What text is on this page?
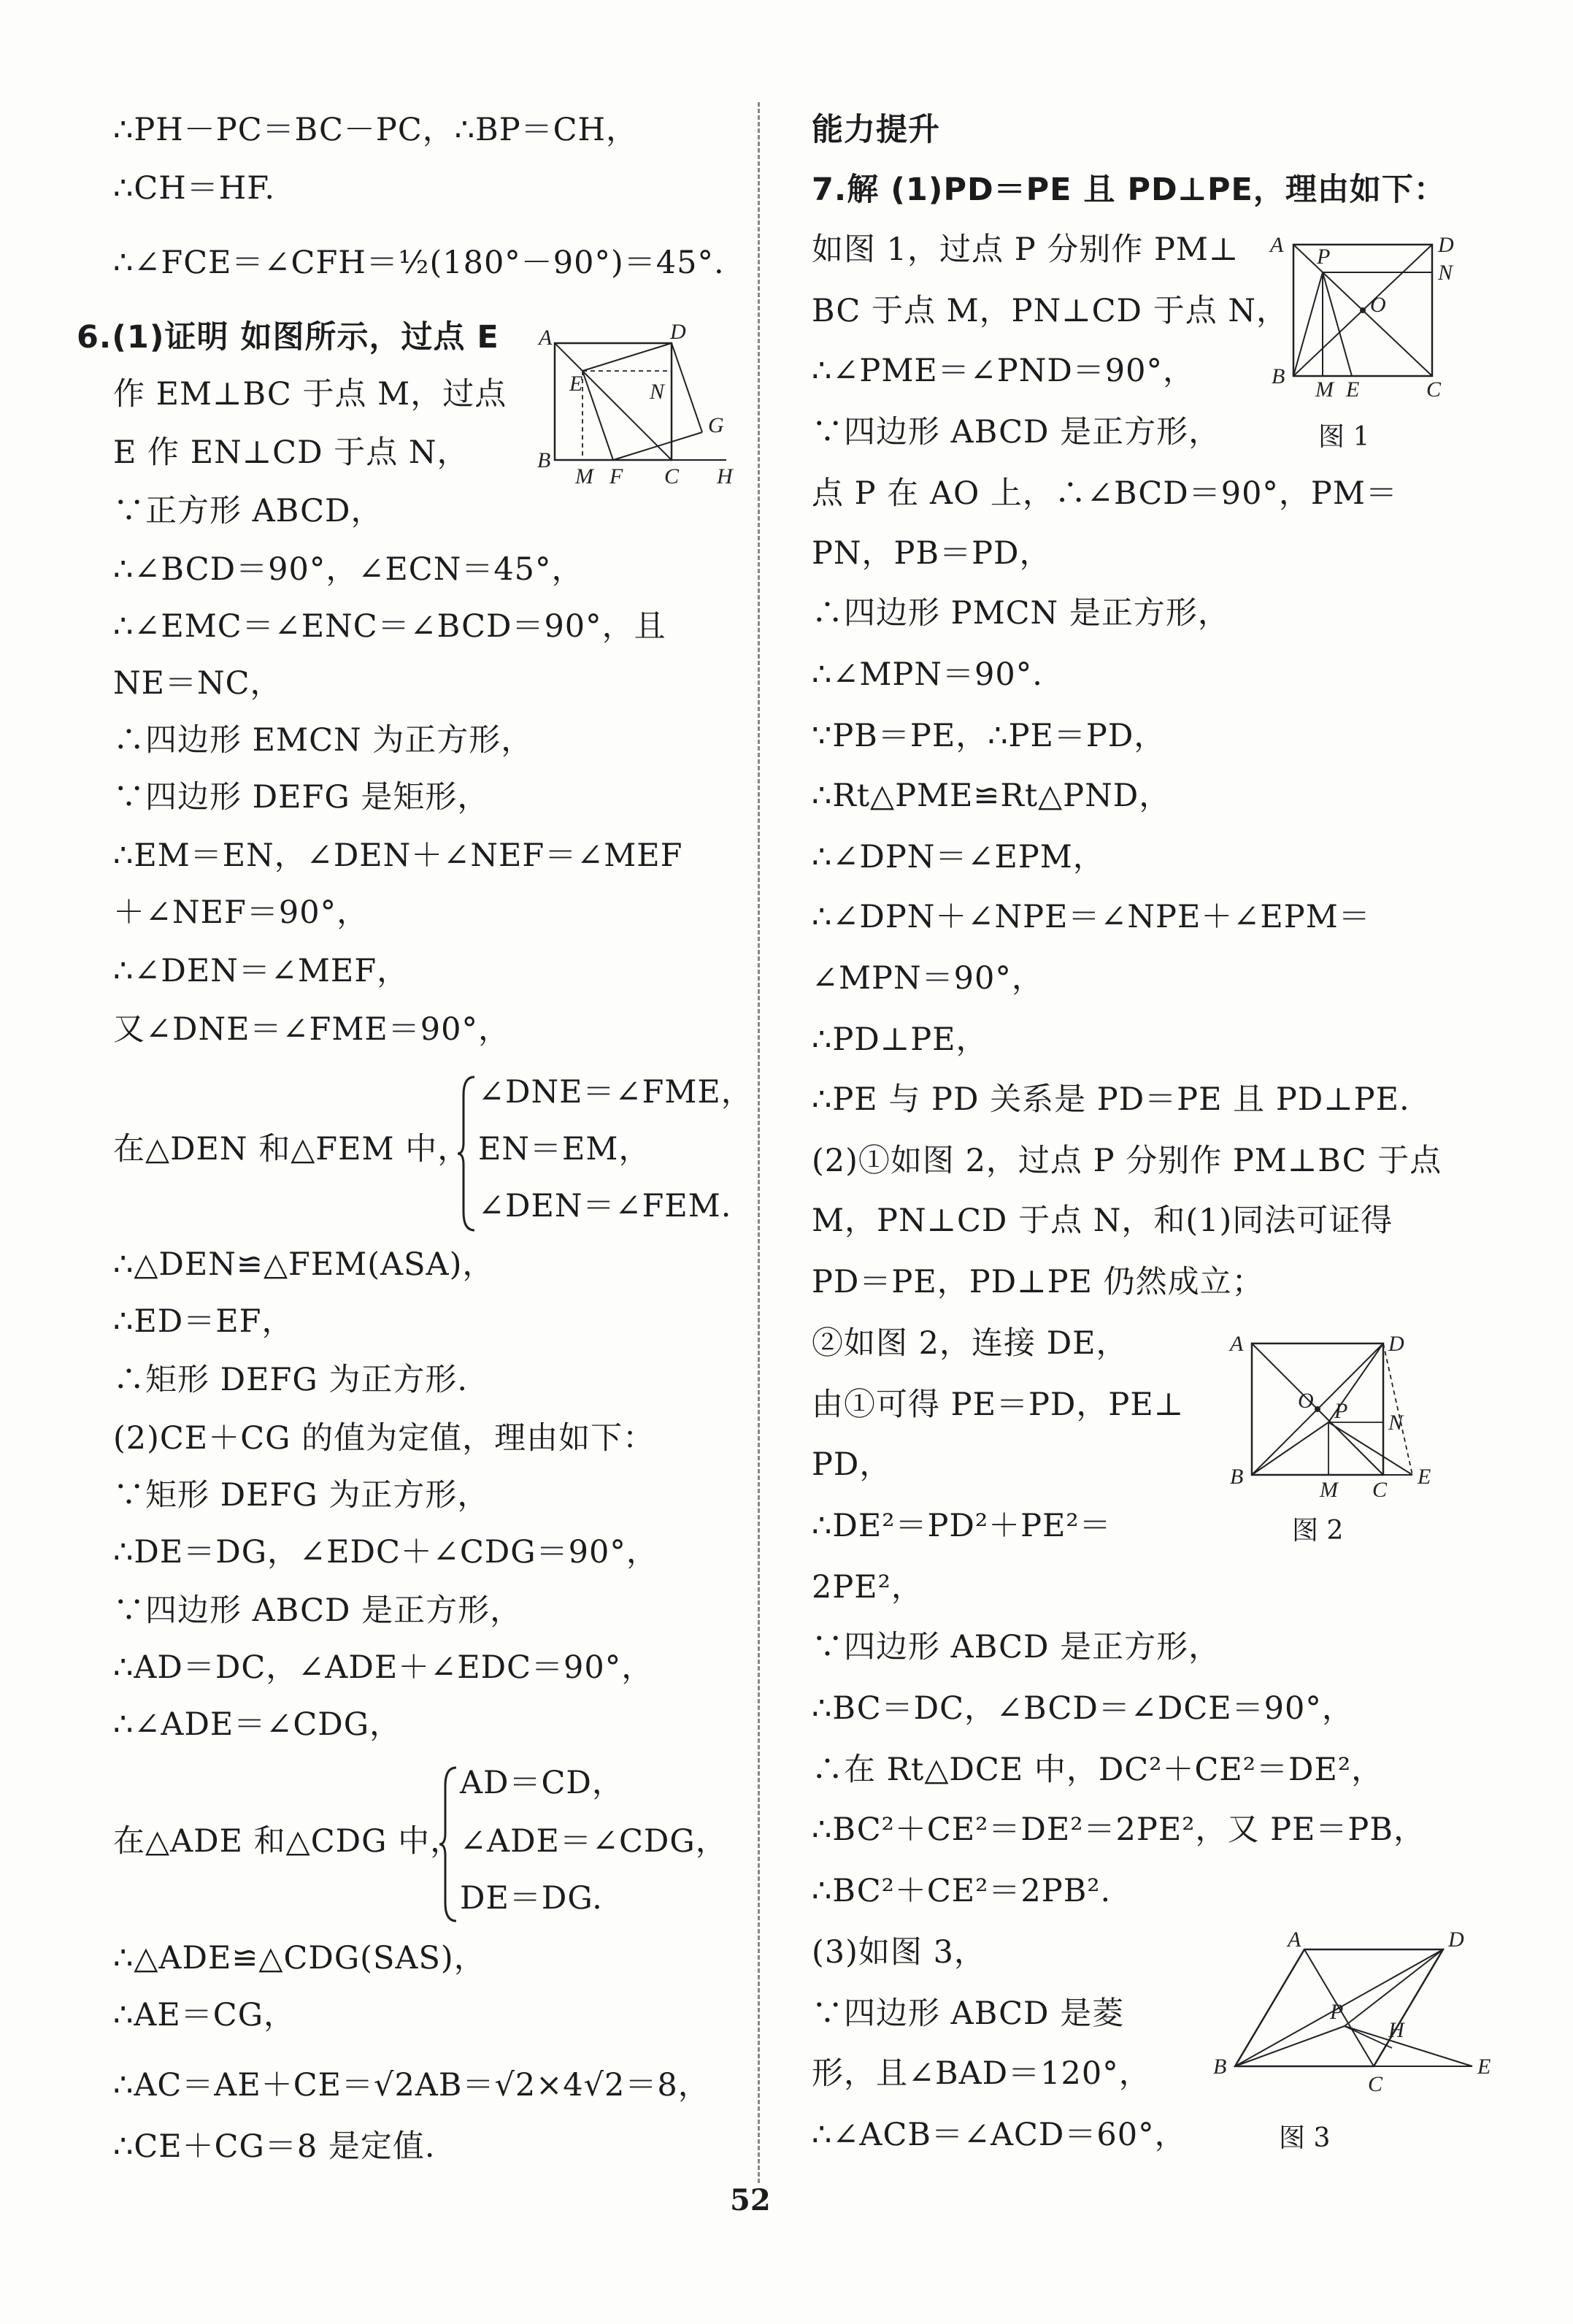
∴PH－PC＝BC－PC，∴BP＝CH，
∴CH＝HF.
∴∠FCE＝∠CFH＝½(180°－90°)＝45°.
6.(1)证明 如图所示，过点 E
作 EM⊥BC 于点 M，过点
E 作 EN⊥CD 于点 N，
∵正方形 ABCD，
∴∠BCD＝90°，∠ECN＝45°，
∴∠EMC＝∠ENC＝∠BCD＝90°，且
NE＝NC，
∴四边形 EMCN 为正方形，
∵四边形 DEFG 是矩形，
∴EM＝EN，∠DEN＋∠NEF＝∠MEF
＋∠NEF＝90°，
∴∠DEN＝∠MEF，
又∠DNE＝∠FME＝90°，
∠DNE＝∠FME，
在△DEN 和△FEM 中， EN＝EM，
∠DEN＝∠FEM.
∴△DEN≌△FEM(ASA)，
∴ED＝EF，
∴矩形 DEFG 为正方形.
(2)CE＋CG 的值为定值，理由如下：
∵矩形 DEFG 为正方形，
∴DE＝DG，∠EDC＋∠CDG＝90°，
∵四边形 ABCD 是正方形，
∴AD＝DC，∠ADE＋∠EDC＝90°，
∴∠ADE＝∠CDG，
AD＝CD，
在△ADE 和△CDG 中，
∠ADE＝∠CDG，
DE＝DG.
∴△ADE≌△CDG(SAS)，
∴AE＝CG，
∴AC＝AE＋CE＝√2AB＝√2×4√2＝8，
∴CE＋CG＝8 是定值.
A	D
E	N
G
B
M F C H
能力提升
7.解 (1)PD＝PE 且 PD⊥PE，理由如下：
如图 1，过点 P 分别作 PM⊥
BC 于点 M，PN⊥CD 于点 N，
∴∠PME＝∠PND＝90°，
∵四边形 ABCD 是正方形，
点 P 在 AO 上，∴∠BCD＝90°，PM＝
PN，PB＝PD，
∴四边形 PMCN 是正方形，
∴∠MPN＝90°.
∵PB＝PE，∴PE＝PD，
∴Rt△PME≌Rt△PND，
∴∠DPN＝∠EPM，
∴∠DPN＋∠NPE＝∠NPE＋∠EPM＝
∠MPN＝90°，
∴PD⊥PE，
∴PE 与 PD 关系是 PD＝PE 且 PD⊥PE.
(2)①如图 2，过点 P 分别作 PM⊥BC 于点
M，PN⊥CD 于点 N，和(1)同法可证得
PD＝PE，PD⊥PE 仍然成立；
②如图 2，连接 DE，
由①可得 PE＝PD，PE⊥
PD，
∴DE²＝PD²＋PE²＝
2PE²，
∵四边形 ABCD 是正方形，
∴BC＝DC，∠BCD＝∠DCE＝90°，
∴在 Rt△DCE 中，DC²＋CE²＝DE²，
∴BC²＋CE²＝DE²＝2PE²，又 PE＝PB，
∴BC²＋CE²＝2PB².
(3)如图 3，
∵四边形 ABCD 是菱
形，且∠BAD＝120°，
∴∠ACB＝∠ACD＝60°，
A P	D
N
O
B
M E	C
图 1
A	D
O P N
B
M C
E
图 2
A	D
P
H
B
C
E
图 3
52
